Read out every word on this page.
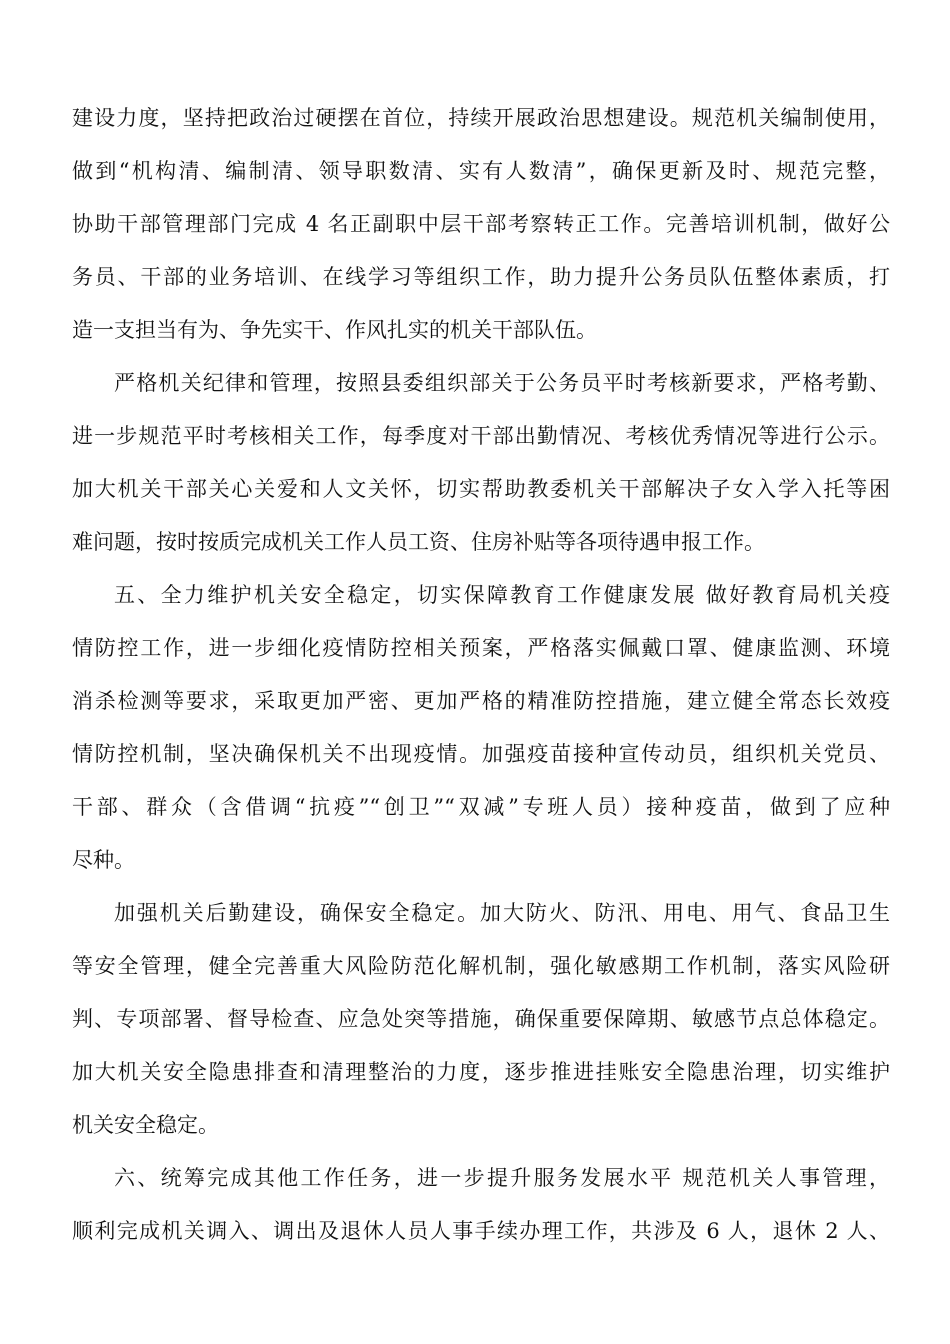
建设力度，坚持把政治过硬摆在首位，持续开展政治思想建设。规范机关编制使用，
做到“机构清、编制清、领导职数清、实有人数清”，确保更新及时、规范完整，
协助干部管理部门完成 4 名正副职中层干部考察转正工作。完善培训机制，做好公
务员、干部的业务培训、在线学习等组织工作，助力提升公务员队伍整体素质，打
造一支担当有为、争先实干、作风扎实的机关干部队伍。
严格机关纪律和管理，按照县委组织部关于公务员平时考核新要求，严格考勤、
进一步规范平时考核相关工作，每季度对干部出勤情况、考核优秀情况等进行公示。
加大机关干部关心关爱和人文关怀，切实帮助教委机关干部解决子女入学入托等困
难问题，按时按质完成机关工作人员工资、住房补贴等各项待遇申报工作。
五、全力维护机关安全稳定，切实保障教育工作健康发展 做好教育局机关疫
情防控工作，进一步细化疫情防控相关预案，严格落实佩戴口罩、健康监测、环境
消杀检测等要求，采取更加严密、更加严格的精准防控措施，建立健全常态长效疫
情防控机制，坚决确保机关不出现疫情。加强疫苗接种宣传动员，组织机关党员、
干部、群众（含借调“抗疫”“创卫”“双减”专班人员）接种疫苗，做到了应种
尽种。
加强机关后勤建设，确保安全稳定。加大防火、防汛、用电、用气、食品卫生
等安全管理，健全完善重大风险防范化解机制，强化敏感期工作机制，落实风险研
判、专项部署、督导检查、应急处突等措施，确保重要保障期、敏感节点总体稳定。
加大机关安全隐患排查和清理整治的力度，逐步推进挂账安全隐患治理，切实维护
机关安全稳定。
六、统筹完成其他工作任务，进一步提升服务发展水平 规范机关人事管理，
顺利完成机关调入、调出及退休人员人事手续办理工作，共涉及 6 人，退休 2 人、
